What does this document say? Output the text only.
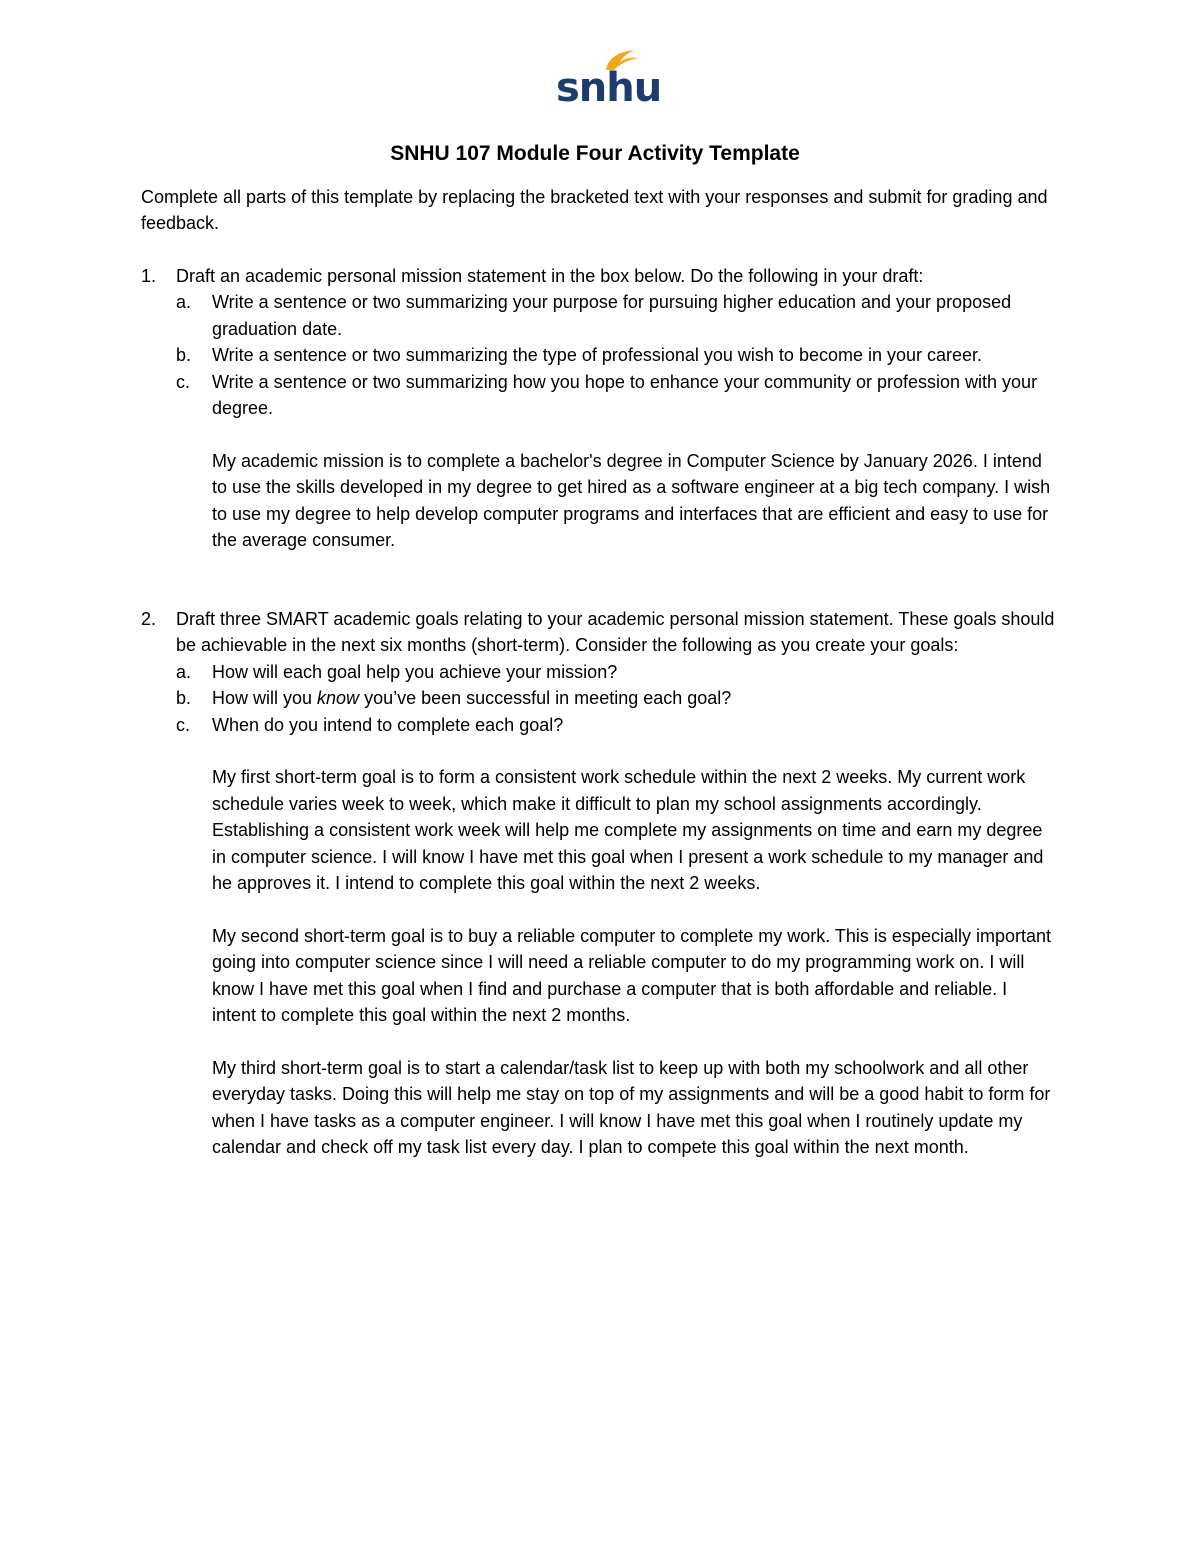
snhu
SNHU 107 Module Four Activity Template
Complete all parts of this template by replacing the bracketed text with your responses and submit for grading and feedback.
1.	Draft an academic personal mission statement in the box below. Do the following in your draft:
a. Write a sentence or two summarizing your purpose for pursuing higher education and your proposed graduation date.
b. Write a sentence or two summarizing the type of professional you wish to become in your career.
c. Write a sentence or two summarizing how you hope to enhance your community or profession with your degree.
My academic mission is to complete a bachelor's degree in Computer Science by January 2026. I intend to use the skills developed in my degree to get hired as a software engineer at a big tech company. I wish to use my degree to help develop computer programs and interfaces that are efficient and easy to use for the average consumer.
2.	Draft three SMART academic goals relating to your academic personal mission statement. These goals should be achievable in the next six months (short-term). Consider the following as you create your goals:
a. How will each goal help you achieve your mission?
b. How will you know you’ve been successful in meeting each goal?
c. When do you intend to complete each goal?
My first short-term goal is to form a consistent work schedule within the next 2 weeks. My current work schedule varies week to week, which make it difficult to plan my school assignments accordingly. Establishing a consistent work week will help me complete my assignments on time and earn my degree in computer science. I will know I have met this goal when I present a work schedule to my manager and he approves it. I intend to complete this goal within the next 2 weeks.
My second short-term goal is to buy a reliable computer to complete my work. This is especially important going into computer science since I will need a reliable computer to do my programming work on. I will know I have met this goal when I find and purchase a computer that is both affordable and reliable. I intent to complete this goal within the next 2 months.
My third short-term goal is to start a calendar/task list to keep up with both my schoolwork and all other everyday tasks. Doing this will help me stay on top of my assignments and will be a good habit to form for when I have tasks as a computer engineer. I will know I have met this goal when I routinely update my calendar and check off my task list every day. I plan to compete this goal within the next month.
